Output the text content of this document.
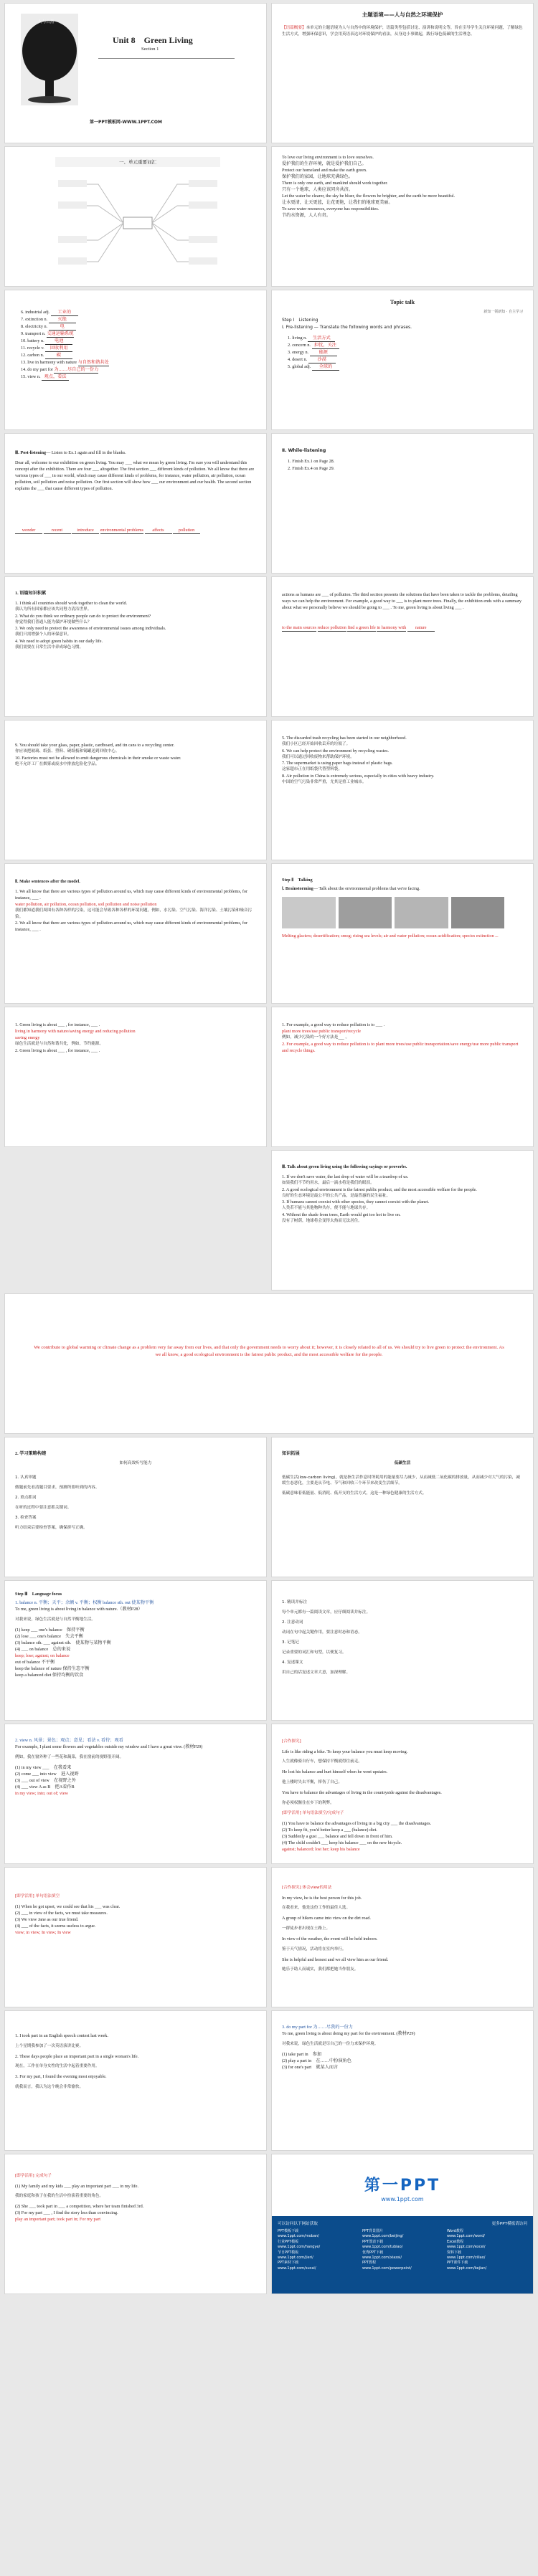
人与自然
Unit 8　Green Living
Section 1
第一PPT模板网-WWW.1PPT.COM
主题语境——人与自然之环境保护
【语篇概要】本单元的主题语境为人与自然中的环境保护，语篇类型包括讨论、演讲和说明文等，旨在引导学生关注环境问题，了解绿色生活方式，增强环保意识，学会用英语表达对环境保护的看法，从身边小事做起，践行绿色低碳的生活理念。
一、单元重要词汇

To love our living environment is to love ourselves.

爱护我们的生存环境，就是爱护我们自己。

Protect our homeland and make the earth green.

保护我们的家园，让地球充满绿色。

There is only one earth, and mankind should work together.

只有一个地球，人类应该同舟共济。

Let the water be clearer, the sky be bluer, the flowers be brighter, and the earth be more beautiful.

让水更清，让天更蓝，让花更艳，让我们的地球更美丽。

To save water resources, everyone has responsibilities.

节约水资源，人人有责。

Topic talk
新知一领新知 · 自主学习
Step Ⅰ　Listening
Ⅰ. Pre-listening — Translate the following words and phrases.

1. living n. 生活方式

2. concern n. 担忧，关注

3. energy n. 能源

4. desert n. 沙漠

5. global adj. 全球的

6. industrial adj. 工业的

7. extinction n. 灭绝

8. electricity n.	电

9. transport n. 交通运输系统

10. battery n. 电池

11. recycle v. 回收利用

12. carbon n.	碳

13. live in harmony with nature 与自然和谐共处

14. do my part for 为……尽自己的一份力

15. view n. 观点，看法

Ⅱ. While-listening

1. Finish Ex.1 on Page 28.

2. Finish Ex.4 on Page 29.

Ⅲ. Post-listening— Listen to Ex.1 again and fill in the blanks.

Dear all, welcome to our exhibition on green living. You may ___ what we mean by green living. I'm sure you will understand this concept after the exhibition. There are four ___ altogether. The first section ___ different kinds of pollution. We all know that there are various types of ___ in our world, which may cause different kinds of problems, for instance, water pollution, air pollution, ocean pollution, soil pollution and noise pollution. Our first section will show how ___ our environment and our health. The second section explains the ___ that cause different types of pollution.

wonder	recent	introduce environmental problems affects	pollution

actions as humans are ___ of pollution. The third section presents the solutions that have been taken to tackle the problems, detailing ways we can help the environment. For example, a good way to ___ is to plant more trees. Finally, the exhibition ends with a summary about what we personally believe we should be going to ___ . To me, green living is about living ___ .

to the main sources reduce pollution find a green life in harmony with nature
1. 语篇知识积累

1. I think all countries should work together to clean the world.

我认为所有国家都应该共同努力清洁世界。

2. What do you think we ordinary people can do to protect the environment?

你觉得我们普通人能为保护环境做些什么？

3. We only need to protect the awareness of environmental issues among individuals.

我们只需增强个人的环保意识。

4. We need to adopt green habits in our daily life.

我们需要在日常生活中养成绿色习惯。

5. The discarded trash recycling has been started in our neighborhood.

我们小区已经开始回收丢弃的垃圾了。

6. We can help protect the environment by recycling wastes.

我们可以通过回收废物来帮助保护环境。

7. The supermarket is using paper bags instead of plastic bags.

这家超市正在用纸袋代替塑料袋。

8. Air pollution in China is extremely serious, especially in cities with heavy industry.

中国的空气污染非常严重，尤其是重工业城市。

9. You should take your glass, paper, plastic, cardboard, and tin cans to a recycling center.

你应该把玻璃、纸张、塑料、硬纸板和锡罐送到回收中心。

10. Factories must not be allowed to emit dangerous chemicals in their smoke or waste water.

绝不允许工厂在烟雾或废水中排放危险化学品。

Step Ⅱ　Talking
Ⅰ. Brainstorming— Talk about the environmental problems that we're facing.

Melting glaciers; desertification; smog; rising sea levels; air and water pollution; ocean acidification; species extinction ...

Ⅱ. Make sentences after the model.

1. We all know that there are various types of pollution around us, which may cause different kinds of environmental problems, for instance, ___ .

water pollution, air pollution, ocean pollution, soil pollution and noise pollution

我们都知道我们周围有各种各样的污染，这可能会导致各种各样的环境问题，例如，水污染、空气污染、海洋污染、土壤污染和噪音污染。

2. We all know that there are various types of pollution around us, which may cause different kinds of environmental problems, for instance, ___ .

1. For example, a good way to reduce pollution is to ___ .

plant more trees/use public transport/recycle

例如，减少污染的一个好方法是___ 。

2. For example, a good way to reduce pollution is to plant more trees/use public transportation/save energy/use more public transport and recycle things.

1. Green living is about ___ , for instance, ___ .

living in harmony with nature/saving energy and reducing pollution

saving energy

绿色生活就是与自然和谐共处，例如，节约能源。

2. Green living is about ___ , for instance, ___ .

Ⅲ. Talk about green living using the following sayings or proverbs.

1. If we don't save water, the last drop of water will be a teardrop of us.

如果我们不节约用水，最后一滴水将是我们的眼泪。

2. A good ecological environment is the fairest public product, and the most accessible welfare for the people.

良好的生态环境是最公平的公共产品，是最普惠的民生福祉。

3. If humans cannot coexist with other species, they cannot coexist with the planet.

人类若不能与其他物种共存，便不能与地球共存。

4. Without the shade from trees, Earth would get too hot to live on.

没有了树荫，地球将会变得太热而无法居住。

We contribute to global warming or climate change as a problem very far away from our lives, and that only the government needs to worry about it; however, it is closely related to all of us. We should try to live green to protect the environment. As we all know, a good ecological environment is the fairest public product, and the most accessible welfare for the people.

知识拓展
低碳生活

低碳生活(low-carbon living)，就是指生活作息时所耗用的能量要尽力减少，从而减低二氧化碳的排放量，从而减少对大气的污染，减缓生态恶化，主要是从节电、节气和回收三个环节来改变生活细节。

低碳意味着低能量、低消耗、低开支的生活方式，这是一种绿色健康的生活方式。

2. 学习策略构建
如何高效听写能力

1. 认真审题

做题前先看清题目要求，预测所要听到的内容。

2. 重点抓词

在听的过程中要注意抓关键词。

3. 检查答案

听力结束后要检查答案，确保拼写正确。

1. 精读并标注

每个单元都有一篇阅读文章，应仔细阅读并标注。

2. 注意动词

动词在句中起关键作用，要注意时态和语态。

3. 记笔记

记录重要的词汇和句型，以便复习。

4. 复述课文

用自己的话复述文章大意，加深理解。

Step Ⅲ　Language focus

1. balance n. 平衡；天平；余额 v. 平衡；权衡 balance sth. out 使某物平衡

To me, green living is about living in balance with nature.（教材P28）

对我来说，绿色生活就是与自然平衡地生活。

(1) keep ___ one's balance　保持平衡

(2) lose ___ one's balance　失去平衡

(3) balance sth. ___ against sth.　使某物与某物平衡

(4) ___ on balance　总的来说

keep; lose; against; on balance

out of balance 不平衡

keep the balance of nature 保持生态平衡

keep a balanced diet 保持均衡的饮食

[合作探究]

Life is like riding a bike. To keep your balance you must keep moving.

人生就像骑自行车，想保持平衡就得往前走。

He lost his balance and hurt himself when he went upstairs.

他上楼时失去平衡，摔伤了自己。

You have to balance the advantages of living in the countryside against the disadvantages.

你必须权衡住在乡下的利弊。

[即学活用] 单句语法填空/完成句子

(1) You have to balance the advantages of living in a big city ___ the disadvantages.

(2) To keep fit, you'd better keep a ___ (balance) diet.

(3) Suddenly a gust ___ balance and fell down in front of him.

(4) The child couldn't ___ keep his balance ___ on the new bicycle.

against; balanced; lost her; keep his balance

2. view n. 风景；景色；观点；意见；看法 v. 看待；观看

For example, I plant some flowers and vegetables outside my window and I have a great view. (教材P29)

例如，我在窗外种了一些花和蔬菜，我在窗前的视野很开阔。

(1) in my view ___　在我看来

(2) come ___ into view　进入视野

(3) ___ out of view　在视野之外

(4) ___ view A as B　把A看作B

in my view; into; out of; view

[合作探究] 体会view的用法

In my view, he is the best person for this job.

在我看来，他是这份工作的最佳人选。

A group of hikers came into view on the dirt road.

一群徒步者出现在土路上。

In view of the weather, the event will be held indoors.

鉴于天气情况，活动将在室内举行。

She is helpful and honest and we all view him as our friend.

她乐于助人而诚实，我们都把她当作朋友。

[即学活用] 单句语法填空

(1) When he got upset, we could see that his ___ was clear.

(2) ___ in view of the facts, we must take measures.

(3) We view Jane as our true friend.

(4) ___ of the facts, it seems useless to argue.

view; in view; In view; In view

3. do my part for 为……尽我的一份力

To me, green living is about doing my part for the environment. (教材P29)

对我来说，绿色生活就是尽自己的一份力来保护环境。

(1) take part in　参加

(2) play a part in　在……中扮演角色

(3) for one's part　就某人而言

1. I took part in an English speech contest last week.

上个星期我参加了一次英语演讲比赛。

2. These days people place an important part in a single woman's life.

现在，工作在单身女性的生活中起着重要作用。

3. For my part, I found the evening most enjoyable.

就我而言，我认为这个晚会非常愉快。

[即学活用] 完成句子

(1) My family and my kids ___ play an important part ___ in my life.

我的家庭和孩子在我的生活中扮演着重要的角色。

(2) She ___ took part in ___ a competition, where her team finished 3rd.

(3) For my part ___ , I find the story less than convincing.

play an important part; took part in; For my part

第一PPT
www.1ppt.com
可以访问以下网站获取	更多PPT模板请访问
PPT模板下载
www.1ppt.com/moban/
行业PPT模板
www.1ppt.com/hangye/
节日PPT模板
www.1ppt.com/jieri/
PPT素材下载
www.1ppt.com/sucai/
PPT背景图片
www.1ppt.com/beijing/
PPT图表下载
www.1ppt.com/tubiao/
优秀PPT下载
www.1ppt.com/xiazai/
PPT教程
www.1ppt.com/powerpoint/
Word教程
www.1ppt.com/word/
Excel教程
www.1ppt.com/excel/
资料下载
www.1ppt.com/ziliao/
PPT课件下载
www.1ppt.com/kejian/
